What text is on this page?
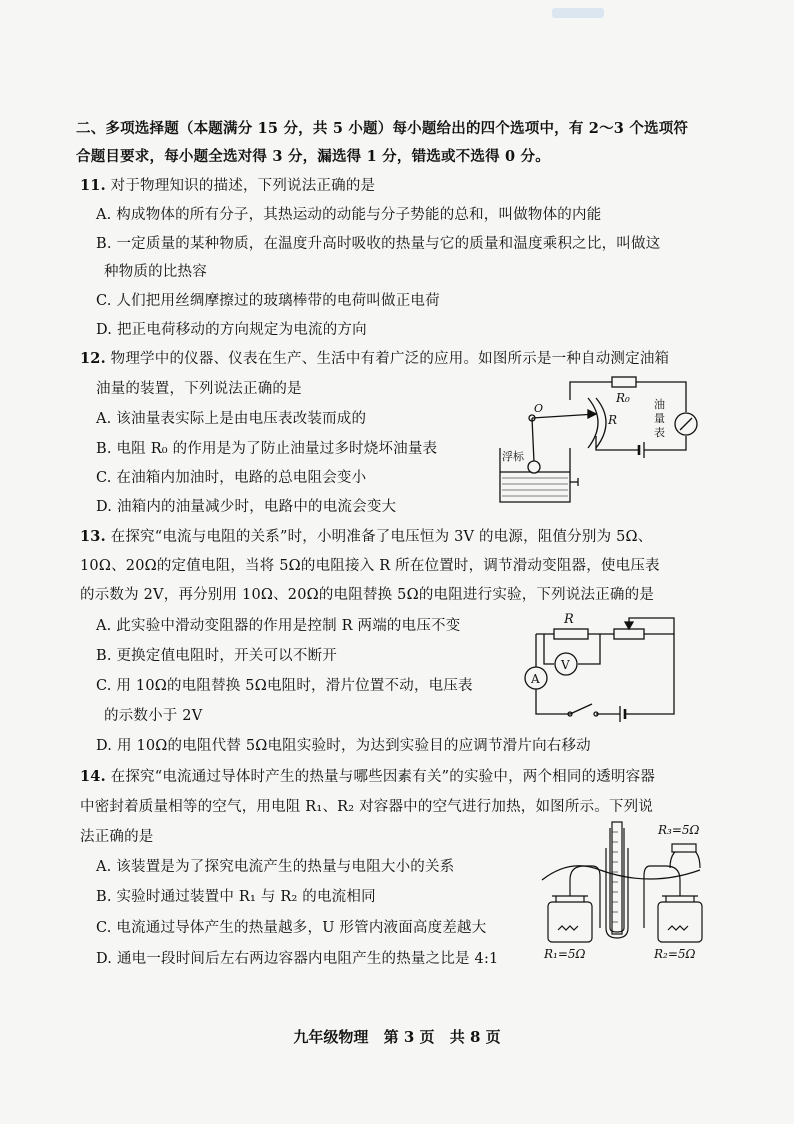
二、多项选择题（本题满分 15 分，共 5 小题）每小题给出的四个选项中，有 2～3 个选项符
合题目要求，每小题全选对得 3 分，漏选得 1 分，错选或不选得 0 分。
11. 对于物理知识的描述，下列说法正确的是
A. 构成物体的所有分子，其热运动的动能与分子势能的总和，叫做物体的内能
B. 一定质量的某种物质，在温度升高时吸收的热量与它的质量和温度乘积之比，叫做这
种物质的比热容
C. 人们把用丝绸摩擦过的玻璃棒带的电荷叫做正电荷
D. 把正电荷移动的方向规定为电流的方向
12. 物理学中的仪器、仪表在生产、生活中有着广泛的应用。如图所示是一种自动测定油箱
油量的装置，下列说法正确的是
A. 该油量表实际上是由电压表改装而成的
B. 电阻 R₀ 的作用是为了防止油量过多时烧坏油量表
C. 在油箱内加油时，电路的总电阻会变小
D. 油箱内的油量减少时，电路中的电流会变大
R₀
R
O	油
量
表
浮标
13. 在探究“电流与电阻的关系”时，小明准备了电压恒为 3V 的电源，阻值分别为 5Ω、
10Ω、20Ω的定值电阻，当将 5Ω的电阻接入 R 所在位置时，调节滑动变阻器，使电压表
的示数为 2V，再分别用 10Ω、20Ω的电阻替换 5Ω的电阻进行实验，下列说法正确的是
A. 此实验中滑动变阻器的作用是控制 R 两端的电压不变
B. 更换定值电阻时，开关可以不断开
C. 用 10Ω的电阻替换 5Ω电阻时，滑片位置不动，电压表
的示数小于 2V
D. 用 10Ω的电阻代替 5Ω电阻实验时，为达到实验目的应调节滑片向右移动
R
V
A
14. 在探究“电流通过导体时产生的热量与哪些因素有关”的实验中，两个相同的透明容器
中密封着质量相等的空气，用电阻 R₁、R₂ 对容器中的空气进行加热，如图所示。下列说
法正确的是
A. 该装置是为了探究电流产生的热量与电阻大小的关系
B. 实验时通过装置中 R₁ 与 R₂ 的电流相同
C. 电流通过导体产生的热量越多，U 形管内液面高度差越大
D. 通电一段时间后左右两边容器内电阻产生的热量之比是 4:1
R₃=5Ω
R₁=5Ω	R₂=5Ω
九年级物理 第 3 页 共 8 页
